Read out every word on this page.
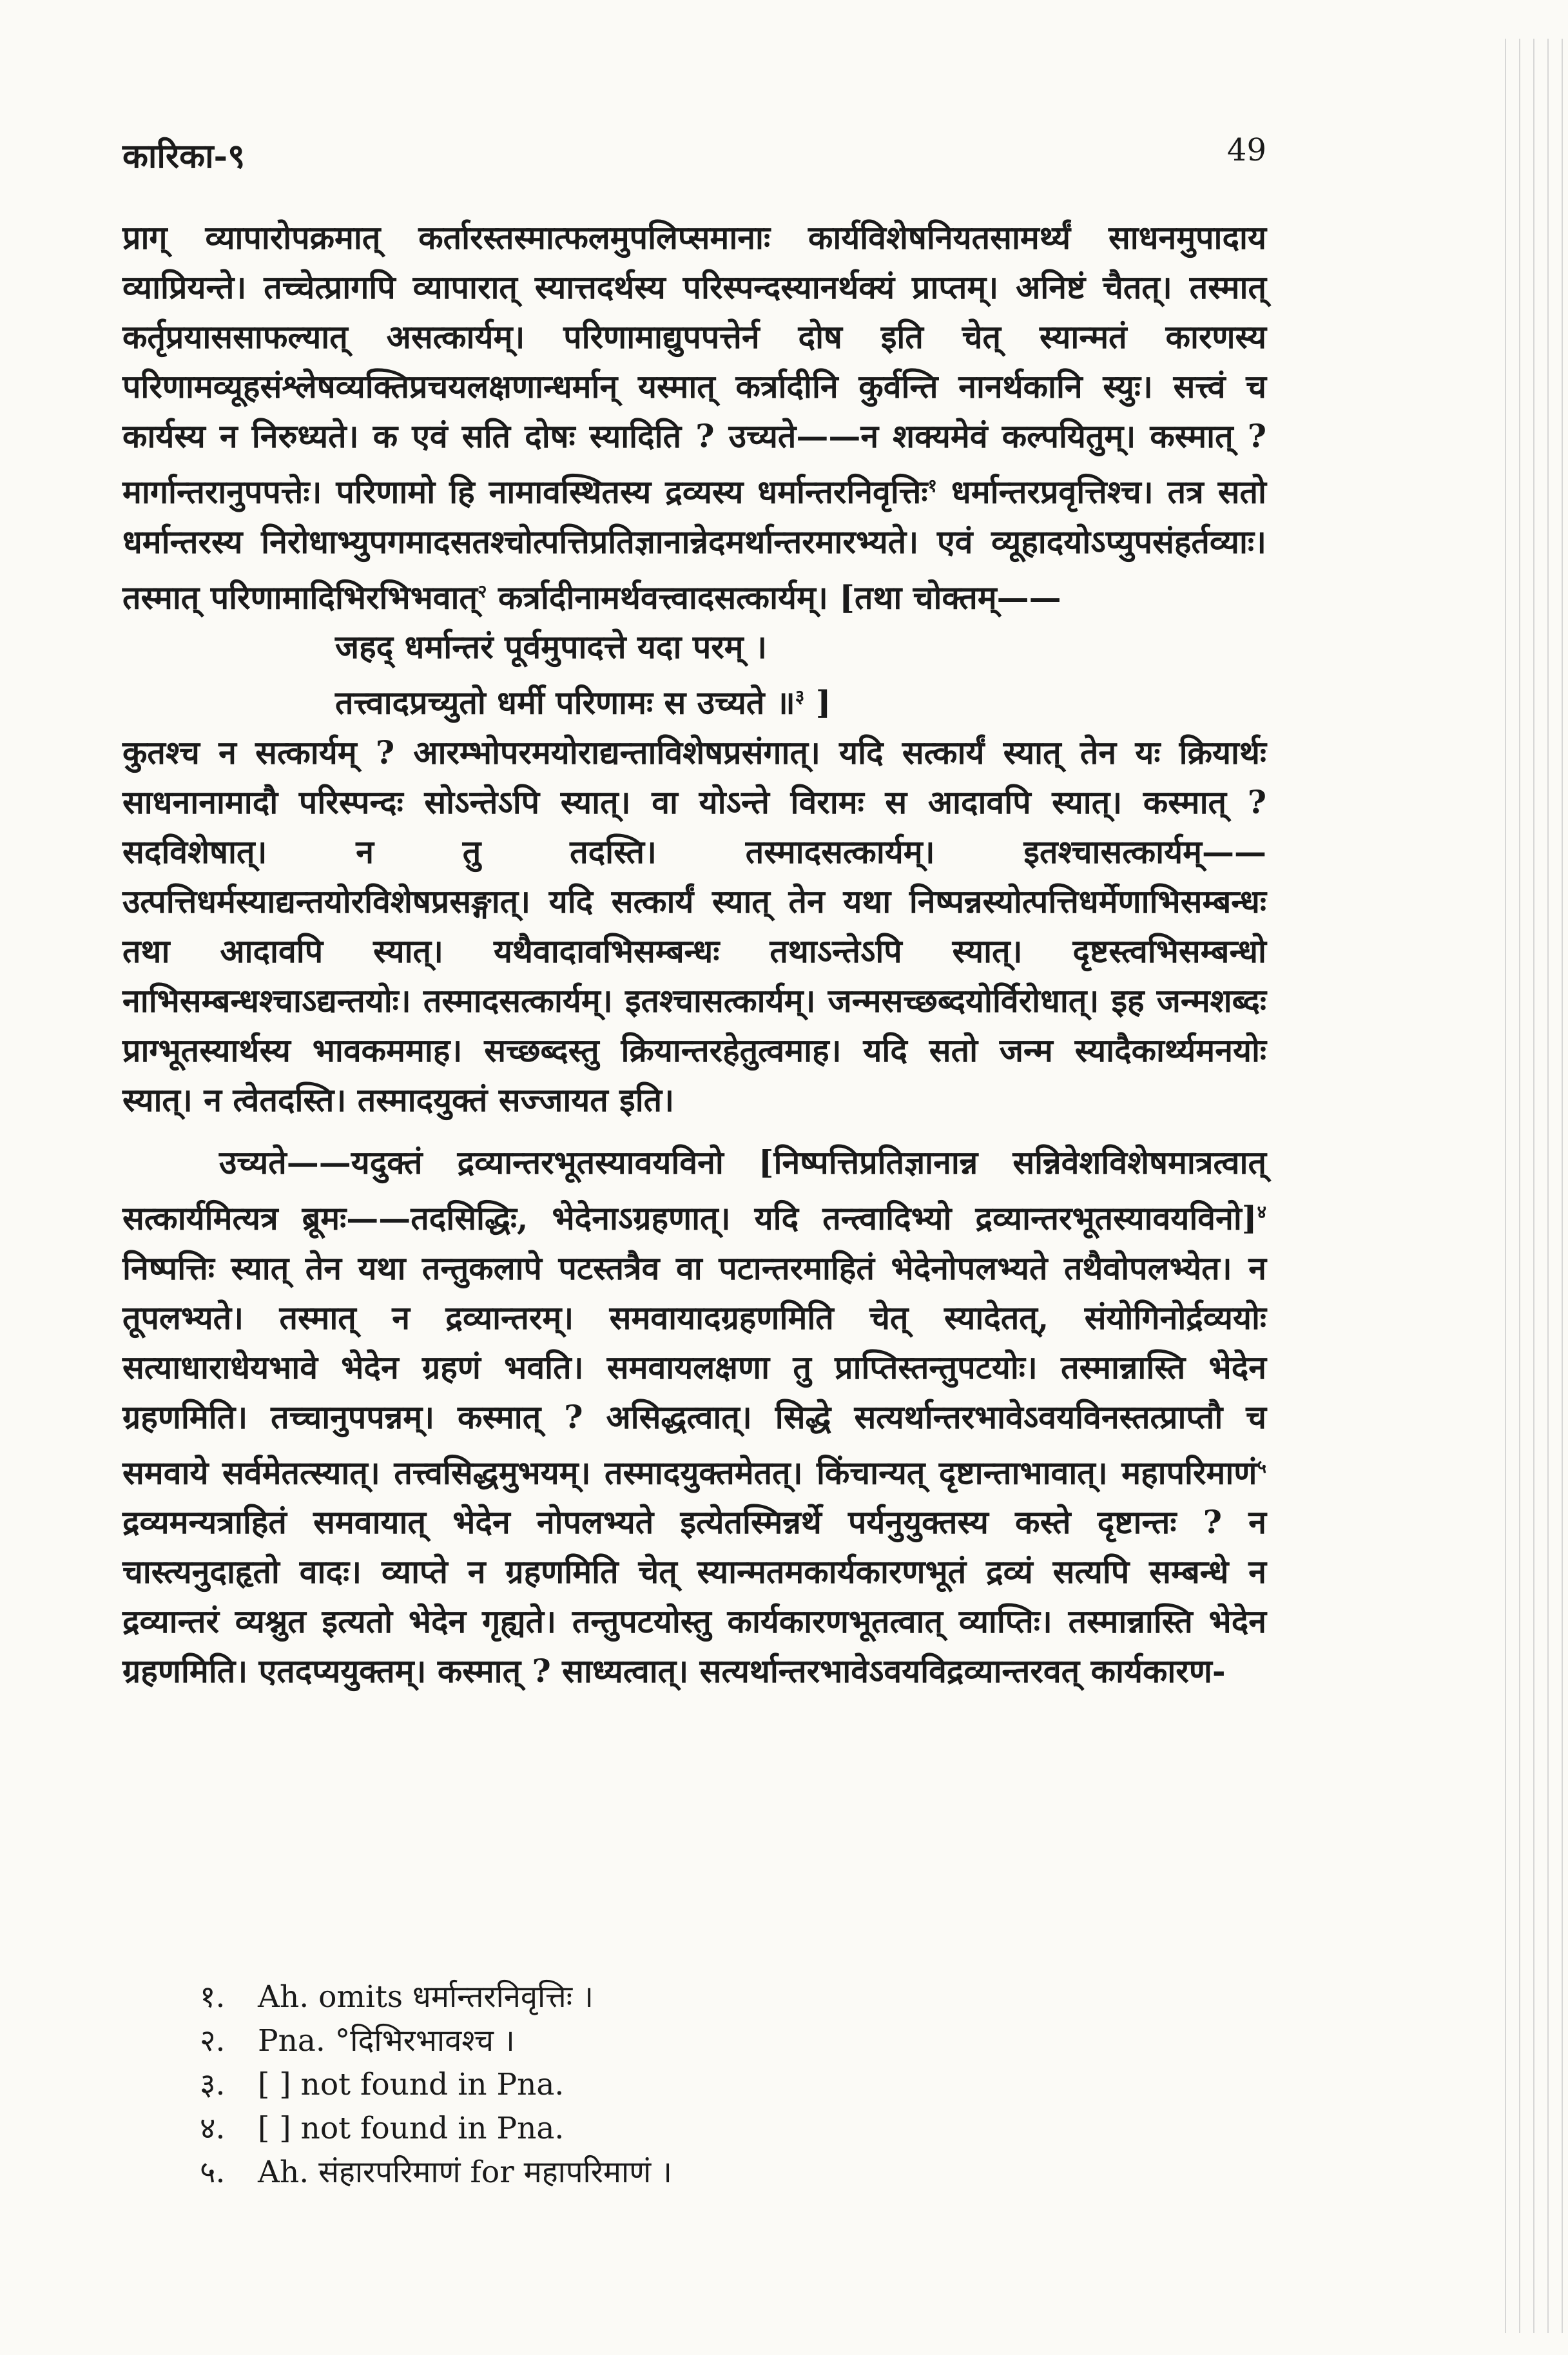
कारिका-९	49

प्राग् व्यापारोपक्रमात् कर्तारस्तस्मात्फलमुपलिप्समानाः कार्यविशेषनियतसामर्थ्यं साधनमुपादाय व्याप्रियन्ते। तच्चेत्प्रागपि व्यापारात् स्यात्तदर्थस्य परिस्पन्दस्यानर्थक्यं प्राप्तम्। अनिष्टं चैतत्। तस्मात् कर्तृप्रयाससाफल्यात् असत्कार्यम्। परिणामाद्युपपत्तेर्न दोष इति चेत् स्यान्मतं कारणस्य परिणामव्यूहसंश्लेषव्यक्तिप्रचयलक्षणान्धर्मान् यस्मात् कर्त्रादीनि कुर्वन्ति नानर्थकानि स्युः। सत्त्वं च कार्यस्य न निरुध्यते। क एवं सति दोषः स्यादिति ? उच्यते——न शक्यमेवं कल्पयितुम्। कस्मात् ? मार्गान्तरानुपपत्तेः। परिणामो हि नामावस्थितस्य द्रव्यस्य धर्मान्तरनिवृत्तिः$^१$ धर्मान्तरप्रवृत्तिश्च। तत्र सतो धर्मान्तरस्य निरोधाभ्युपगमादसतश्चोत्पत्तिप्रतिज्ञानान्नेदमर्थान्तरमारभ्यते। एवं व्यूहादयोऽप्युपसंहर्तव्याः। तस्मात् परिणामादिभिरभिभवात्$^२$ कर्त्रादीनामर्थवत्त्वादसत्कार्यम्। [तथा चोक्तम्——

जहद् धर्मान्तरं पूर्वमुपादत्ते यदा परम् ।

तत्त्वादप्रच्युतो धर्मी परिणामः स उच्यते ॥$^३$ ]

कुतश्च न सत्कार्यम् ? आरम्भोपरमयोराद्यन्ताविशेषप्रसंगात्। यदि सत्कार्यं स्यात् तेन यः क्रियार्थः साधनानामादौ परिस्पन्दः सोऽन्तेऽपि स्यात्। वा योऽन्ते विरामः स आदावपि स्यात्। कस्मात् ? सदविशेषात्। न तु तदस्ति। तस्मादसत्कार्यम्। इतश्चासत्कार्यम्——उत्पत्तिधर्मस्याद्यन्तयोरविशेषप्रसङ्गात्। यदि सत्कार्यं स्यात् तेन यथा निष्पन्नस्योत्पत्तिधर्मेणाभिसम्बन्धः तथा आदावपि स्यात्। यथैवादावभिसम्बन्धः तथाऽन्तेऽपि स्यात्। दृष्टस्त्वभिसम्बन्धो नाभिसम्बन्धश्चाऽद्यन्तयोः। तस्मादसत्कार्यम्। इतश्चासत्कार्यम्। जन्मसच्छब्दयोर्विरोधात्। इह जन्मशब्दः प्राग्भूतस्यार्थस्य भावकममाह। सच्छब्दस्तु क्रियान्तरहेतुत्वमाह। यदि सतो जन्म स्यादैकार्थ्यमनयोः स्यात्। न त्वेतदस्ति। तस्मादयुक्तं सज्जायत इति।

उच्यते——यदुक्तं द्रव्यान्तरभूतस्यावयविनो [निष्पत्तिप्रतिज्ञानान्न सन्निवेशविशेषमात्रत्वात् सत्कार्यमित्यत्र ब्रूमः——तदसिद्धिः, भेदेनाऽग्रहणात्। यदि तन्त्वादिभ्यो द्रव्यान्तरभूतस्यावयविनो]$^४$ निष्पत्तिः स्यात् तेन यथा तन्तुकलापे पटस्तत्रैव वा पटान्तरमाहितं भेदेनोपलभ्यते तथैवोपलभ्येत। न तूपलभ्यते। तस्मात् न द्रव्यान्तरम्। समवायादग्रहणमिति चेत् स्यादेतत्, संयोगिनोर्द्रव्ययोः सत्याधाराधेयभावे भेदेन ग्रहणं भवति। समवायलक्षणा तु प्राप्तिस्तन्तुपटयोः। तस्मान्नास्ति भेदेन ग्रहणमिति। तच्चानुपपन्नम्। कस्मात् ? असिद्धत्वात्। सिद्धे सत्यर्थान्तरभावेऽवयविनस्तत्प्राप्तौ च समवाये सर्वमेतत्स्यात्। तत्त्वसिद्धमुभयम्। तस्मादयुक्तमेतत्। किंचान्यत् दृष्टान्ताभावात्। महापरिमाणं$^५$ द्रव्यमन्यत्राहितं समवायात् भेदेन नोपलभ्यते इत्येतस्मिन्नर्थे पर्यनुयुक्तस्य कस्ते दृष्टान्तः ? न चास्त्यनुदाहृतो वादः। व्याप्ते न ग्रहणमिति चेत् स्यान्मतमकार्यकारणभूतं द्रव्यं सत्यपि सम्बन्धे न द्रव्यान्तरं व्यश्नुत इत्यतो भेदेन गृह्यते। तन्तुपटयोस्तु कार्यकारणभूतत्वात् व्याप्तिः। तस्मान्नास्ति भेदेन ग्रहणमिति। एतदप्ययुक्तम्। कस्मात् ? साध्यत्वात्। सत्यर्थान्तरभावेऽवयविद्रव्यान्तरवत् कार्यकारण-

१. Ah. omits धर्मान्तरनिवृत्तिः ।
२. Pna. °दिभिरभावश्च ।
३. [ ] not found in Pna.
४. [ ] not found in Pna.
५. Ah. संहारपरिमाणं for महापरिमाणं ।
